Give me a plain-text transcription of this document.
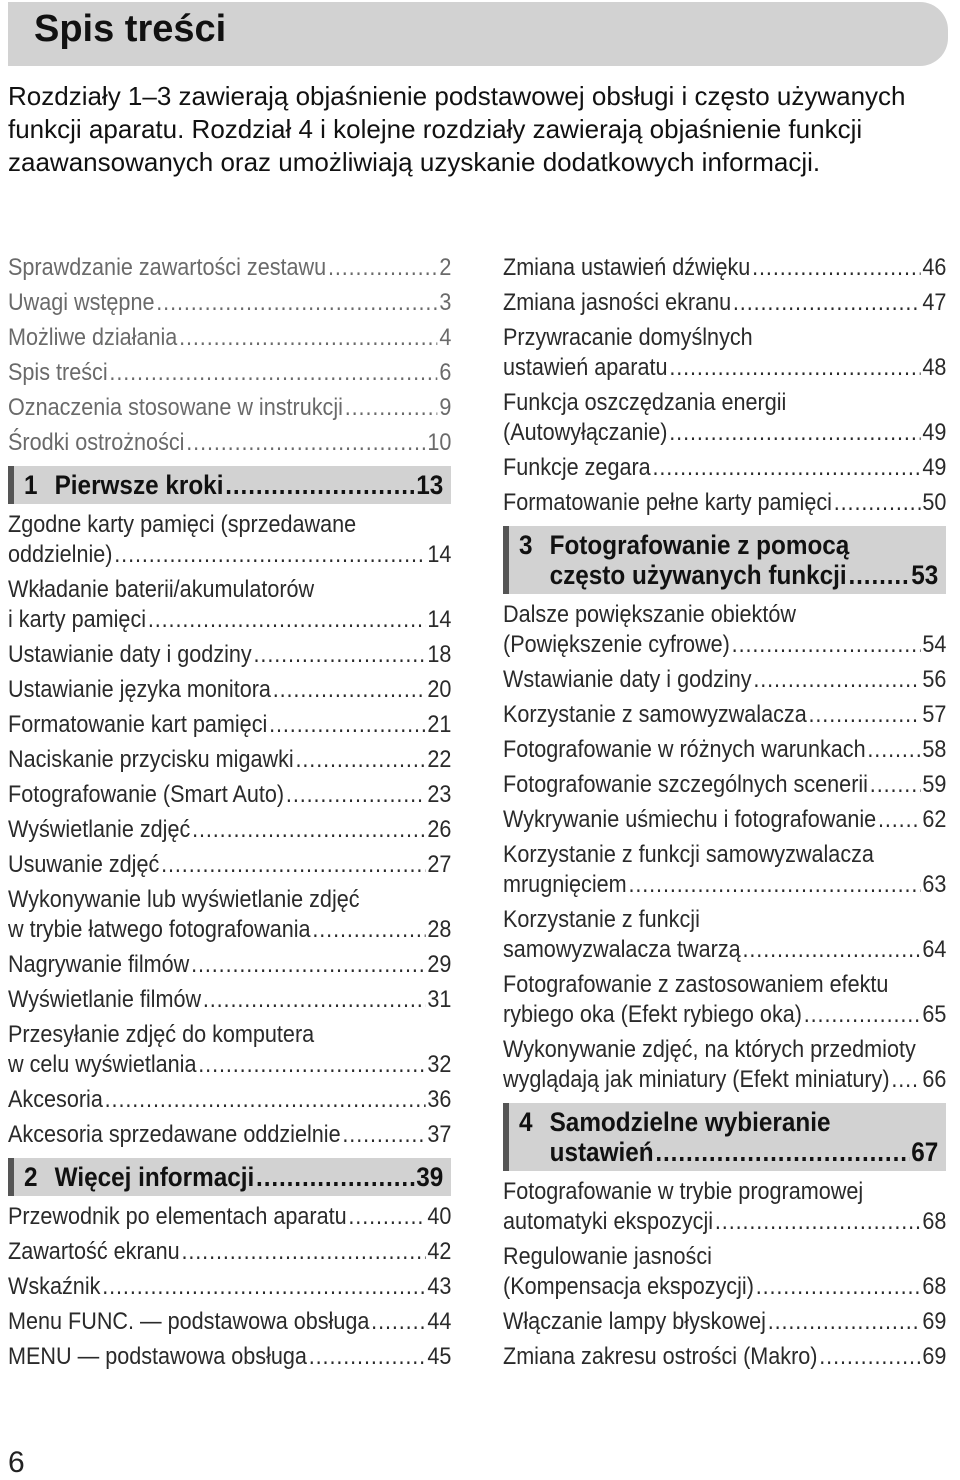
Spis treści

Rozdziały 1–3 zawierają objaśnienie podstawowej obsługi i często używanych funkcji aparatu. Rozdział 4 i kolejne rozdziały zawierają objaśnienie funkcji zaawansowanych oraz umożliwiają uzyskanie dodatkowych informacji.

Sprawdzanie zawartości zestawu .....	2
Uwagi wstępne .....	3
Możliwe działania .....	4
Spis treści .....	6
Oznaczenia stosowane w instrukcji .....	9
Środki ostrożności .....	10
1 Pierwsze kroki .....	13
Zgodne karty pamięci (sprzedawane
oddzielnie) .....	14
Wkładanie baterii/akumulatorów
i karty pamięci .....	14
Ustawianie daty i godziny .....	18
Ustawianie języka monitora .....	20
Formatowanie kart pamięci .....	21
Naciskanie przycisku migawki .....	22
Fotografowanie (Smart Auto) .....	23
Wyświetlanie zdjęć .....	26
Usuwanie zdjęć .....	27
Wykonywanie lub wyświetlanie zdjęć
w trybie łatwego fotografowania .....	28
Nagrywanie filmów .....	29
Wyświetlanie filmów .....	31
Przesyłanie zdjęć do komputera
w celu wyświetlania .....	32
Akcesoria .....	36
Akcesoria sprzedawane oddzielnie .....	37
2 Więcej informacji .....	39
Przewodnik po elementach aparatu .....	40
Zawartość ekranu .....	42
Wskaźnik .....	43
Menu FUNC. — podstawowa obsługa ..... 44
MENU — podstawowa obsługa .....	45
Zmiana ustawień dźwięku .....	46
Zmiana jasności ekranu .....	47
Przywracanie domyślnych
ustawień aparatu .....	48
Funkcja oszczędzania energii
(Autowyłączanie) .....	49
Funkcje zegara .....	49
Formatowanie pełne karty pamięci .....	50
3 Fotografowanie z pomocą
często używanych funkcji ..... 53
Dalsze powiększanie obiektów
(Powiększenie cyfrowe) .....	54
Wstawianie daty i godziny .....	56
Korzystanie z samowyzwalacza .....	57
Fotografowanie w różnych warunkach ..... 58
Fotografowanie szczególnych scenerii ..... 59
Wykrywanie uśmiechu i fotografowanie ..... 62
Korzystanie z funkcji samowyzwalacza
mrugnięciem .....	63
Korzystanie z funkcji
samowyzwalacza twarzą .....	64
Fotografowanie z zastosowaniem efektu
rybiego oka (Efekt rybiego oka) .....	65
Wykonywanie zdjęć, na których przedmioty
wyglądają jak miniatury (Efekt miniatury) ..... 66
4 Samodzielne wybieranie
ustawień .....	67
Fotografowanie w trybie programowej
automatyki ekspozycji .....	68
Regulowanie jasności
(Kompensacja ekspozycji) .....	68
Włączanie lampy błyskowej .....	69
Zmiana zakresu ostrości (Makro) .....	69
6
